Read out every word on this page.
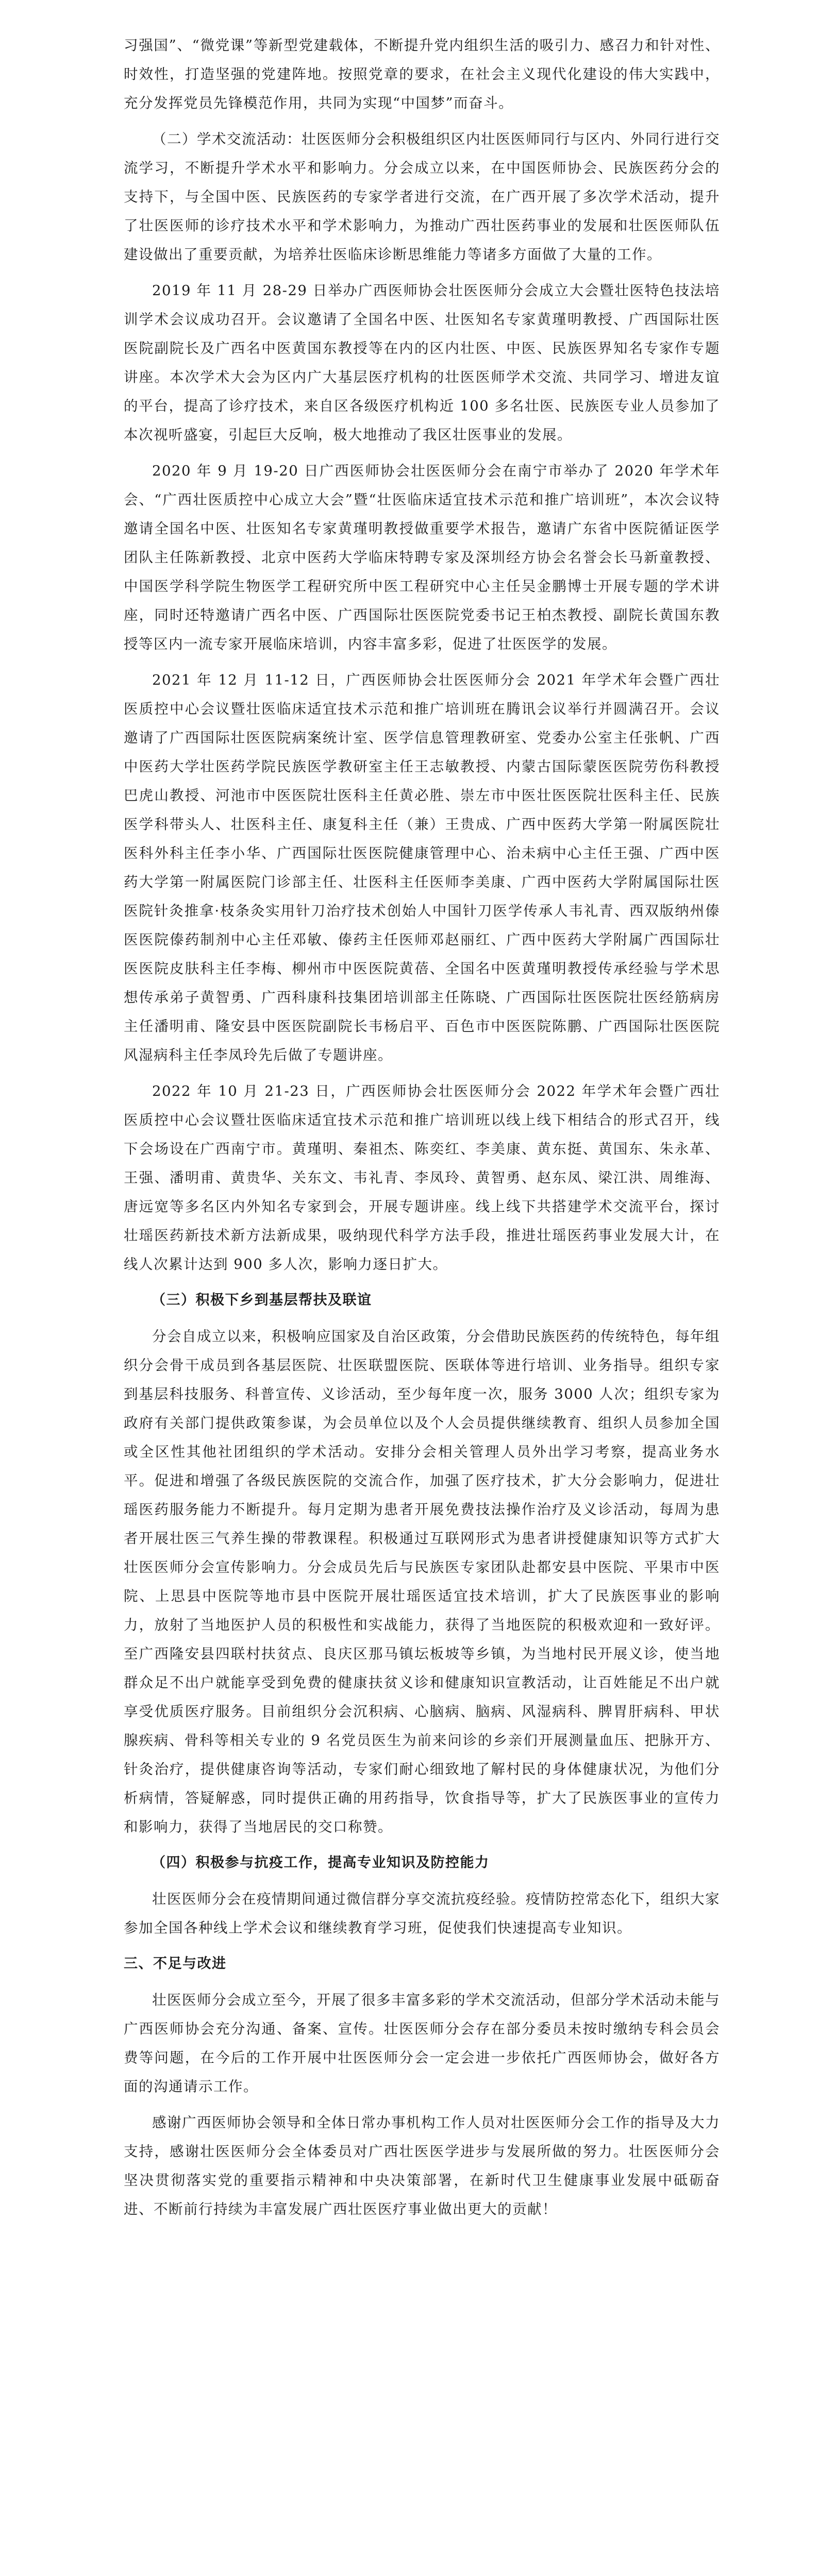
习强国”、“微党课”等新型党建载体，不断提升党内组织生活的吸引力、感召力和针对性、时效性，打造坚强的党建阵地。按照党章的要求，在社会主义现代化建设的伟大实践中，充分发挥党员先锋模范作用，共同为实现“中国梦”而奋斗。

（二）学术交流活动：壮医医师分会积极组织区内壮医医师同行与区内、外同行进行交流学习，不断提升学术水平和影响力。分会成立以来，在中国医师协会、民族医药分会的支持下，与全国中医、民族医药的专家学者进行交流，在广西开展了多次学术活动，提升了壮医医师的诊疗技术水平和学术影响力，为推动广西壮医药事业的发展和壮医医师队伍建设做出了重要贡献，为培养壮医临床诊断思维能力等诸多方面做了大量的工作。

2019 年 11 月 28-29 日举办广西医师协会壮医医师分会成立大会暨壮医特色技法培训学术会议成功召开。会议邀请了全国名中医、壮医知名专家黄瑾明教授、广西国际壮医医院副院长及广西名中医黄国东教授等在内的区内壮医、中医、民族医界知名专家作专题讲座。本次学术大会为区内广大基层医疗机构的壮医医师学术交流、共同学习、增进友谊的平台，提高了诊疗技术，来自区各级医疗机构近 100 多名壮医、民族医专业人员参加了本次视听盛宴，引起巨大反响，极大地推动了我区壮医事业的发展。

2020 年 9 月 19-20 日广西医师协会壮医医师分会在南宁市举办了 2020 年学术年会、“广西壮医质控中心成立大会”暨“壮医临床适宜技术示范和推广培训班”，本次会议特邀请全国名中医、壮医知名专家黄瑾明教授做重要学术报告，邀请广东省中医院循证医学团队主任陈新教授、北京中医药大学临床特聘专家及深圳经方协会名誉会长马新童教授、中国医学科学院生物医学工程研究所中医工程研究中心主任吴金鹏博士开展专题的学术讲座，同时还特邀请广西名中医、广西国际壮医医院党委书记王柏杰教授、副院长黄国东教授等区内一流专家开展临床培训，内容丰富多彩，促进了壮医医学的发展。

2021 年 12 月 11-12 日，广西医师协会壮医医师分会 2021 年学术年会暨广西壮医质控中心会议暨壮医临床适宜技术示范和推广培训班在腾讯会议举行并圆满召开。会议邀请了广西国际壮医医院病案统计室、医学信息管理教研室、党委办公室主任张帆、广西中医药大学壮医药学院民族医学教研室主任王志敏教授、内蒙古国际蒙医医院劳伤科教授巴虎山教授、河池市中医医院壮医科主任黄必胜、崇左市中医壮医医院壮医科主任、民族医学科带头人、壮医科主任、康复科主任（兼）王贵成、广西中医药大学第一附属医院壮医科外科主任李小华、广西国际壮医医院健康管理中心、治未病中心主任王强、广西中医药大学第一附属医院门诊部主任、壮医科主任医师李美康、广西中医药大学附属国际壮医医院针灸推拿·枝条灸实用针刀治疗技术创始人中国针刀医学传承人韦礼青、西双版纳州傣医医院傣药制剂中心主任邓敏、傣药主任医师邓赵丽红、广西中医药大学附属广西国际壮医医院皮肤科主任李梅、柳州市中医医院黄蓓、全国名中医黄瑾明教授传承经验与学术思想传承弟子黄智勇、广西科康科技集团培训部主任陈晓、广西国际壮医医院壮医经筋病房主任潘明甫、隆安县中医医院副院长韦杨启平、百色市中医医院陈鹏、广西国际壮医医院风湿病科主任李凤玲先后做了专题讲座。

2022 年 10 月 21-23 日，广西医师协会壮医医师分会 2022 年学术年会暨广西壮医质控中心会议暨壮医临床适宜技术示范和推广培训班以线上线下相结合的形式召开，线下会场设在广西南宁市。黄瑾明、秦祖杰、陈奕红、李美康、黄东挺、黄国东、朱永革、王强、潘明甫、黄贵华、关东文、韦礼青、李凤玲、黄智勇、赵东凤、梁江洪、周维海、唐远宽等多名区内外知名专家到会，开展专题讲座。线上线下共搭建学术交流平台，探讨壮瑶医药新技术新方法新成果，吸纳现代科学方法手段，推进壮瑶医药事业发展大计，在线人次累计达到 900 多人次，影响力逐日扩大。

（三）积极下乡到基层帮扶及联谊

分会自成立以来，积极响应国家及自治区政策，分会借助民族医药的传统特色，每年组织分会骨干成员到各基层医院、壮医联盟医院、医联体等进行培训、业务指导。组织专家到基层科技服务、科普宣传、义诊活动，至少每年度一次，服务 3000 人次；组织专家为政府有关部门提供政策参谋，为会员单位以及个人会员提供继续教育、组织人员参加全国或全区性其他社团组织的学术活动。安排分会相关管理人员外出学习考察，提高业务水平。促进和增强了各级民族医院的交流合作，加强了医疗技术，扩大分会影响力，促进壮瑶医药服务能力不断提升。每月定期为患者开展免费技法操作治疗及义诊活动，每周为患者开展壮医三气养生操的带教课程。积极通过互联网形式为患者讲授健康知识等方式扩大壮医医师分会宣传影响力。分会成员先后与民族医专家团队赴都安县中医院、平果市中医院、上思县中医院等地市县中医院开展壮瑶医适宜技术培训，扩大了民族医事业的影响力，放射了当地医护人员的积极性和实战能力，获得了当地医院的积极欢迎和一致好评。至广西隆安县四联村扶贫点、良庆区那马镇坛板坡等乡镇，为当地村民开展义诊，使当地群众足不出户就能享受到免费的健康扶贫义诊和健康知识宣教活动，让百姓能足不出户就享受优质医疗服务。目前组织分会沉积病、心脑病、脑病、风湿病科、脾胃肝病科、甲状腺疾病、骨科等相关专业的 9 名党员医生为前来问诊的乡亲们开展测量血压、把脉开方、针灸治疗，提供健康咨询等活动，专家们耐心细致地了解村民的身体健康状况，为他们分析病情，答疑解惑，同时提供正确的用药指导，饮食指导等，扩大了民族医事业的宣传力和影响力，获得了当地居民的交口称赞。

（四）积极参与抗疫工作，提高专业知识及防控能力

壮医医师分会在疫情期间通过微信群分享交流抗疫经验。疫情防控常态化下，组织大家参加全国各种线上学术会议和继续教育学习班，促使我们快速提高专业知识。

三、不足与改进

壮医医师分会成立至今，开展了很多丰富多彩的学术交流活动，但部分学术活动未能与广西医师协会充分沟通、备案、宣传。壮医医师分会存在部分委员未按时缴纳专科会员会费等问题，在今后的工作开展中壮医医师分会一定会进一步依托广西医师协会，做好各方面的沟通请示工作。

感谢广西医师协会领导和全体日常办事机构工作人员对壮医医师分会工作的指导及大力支持，感谢壮医医师分会全体委员对广西壮医医学进步与发展所做的努力。壮医医师分会坚决贯彻落实党的重要指示精神和中央决策部署，在新时代卫生健康事业发展中砥砺奋进、不断前行持续为丰富发展广西壮医医疗事业做出更大的贡献！
